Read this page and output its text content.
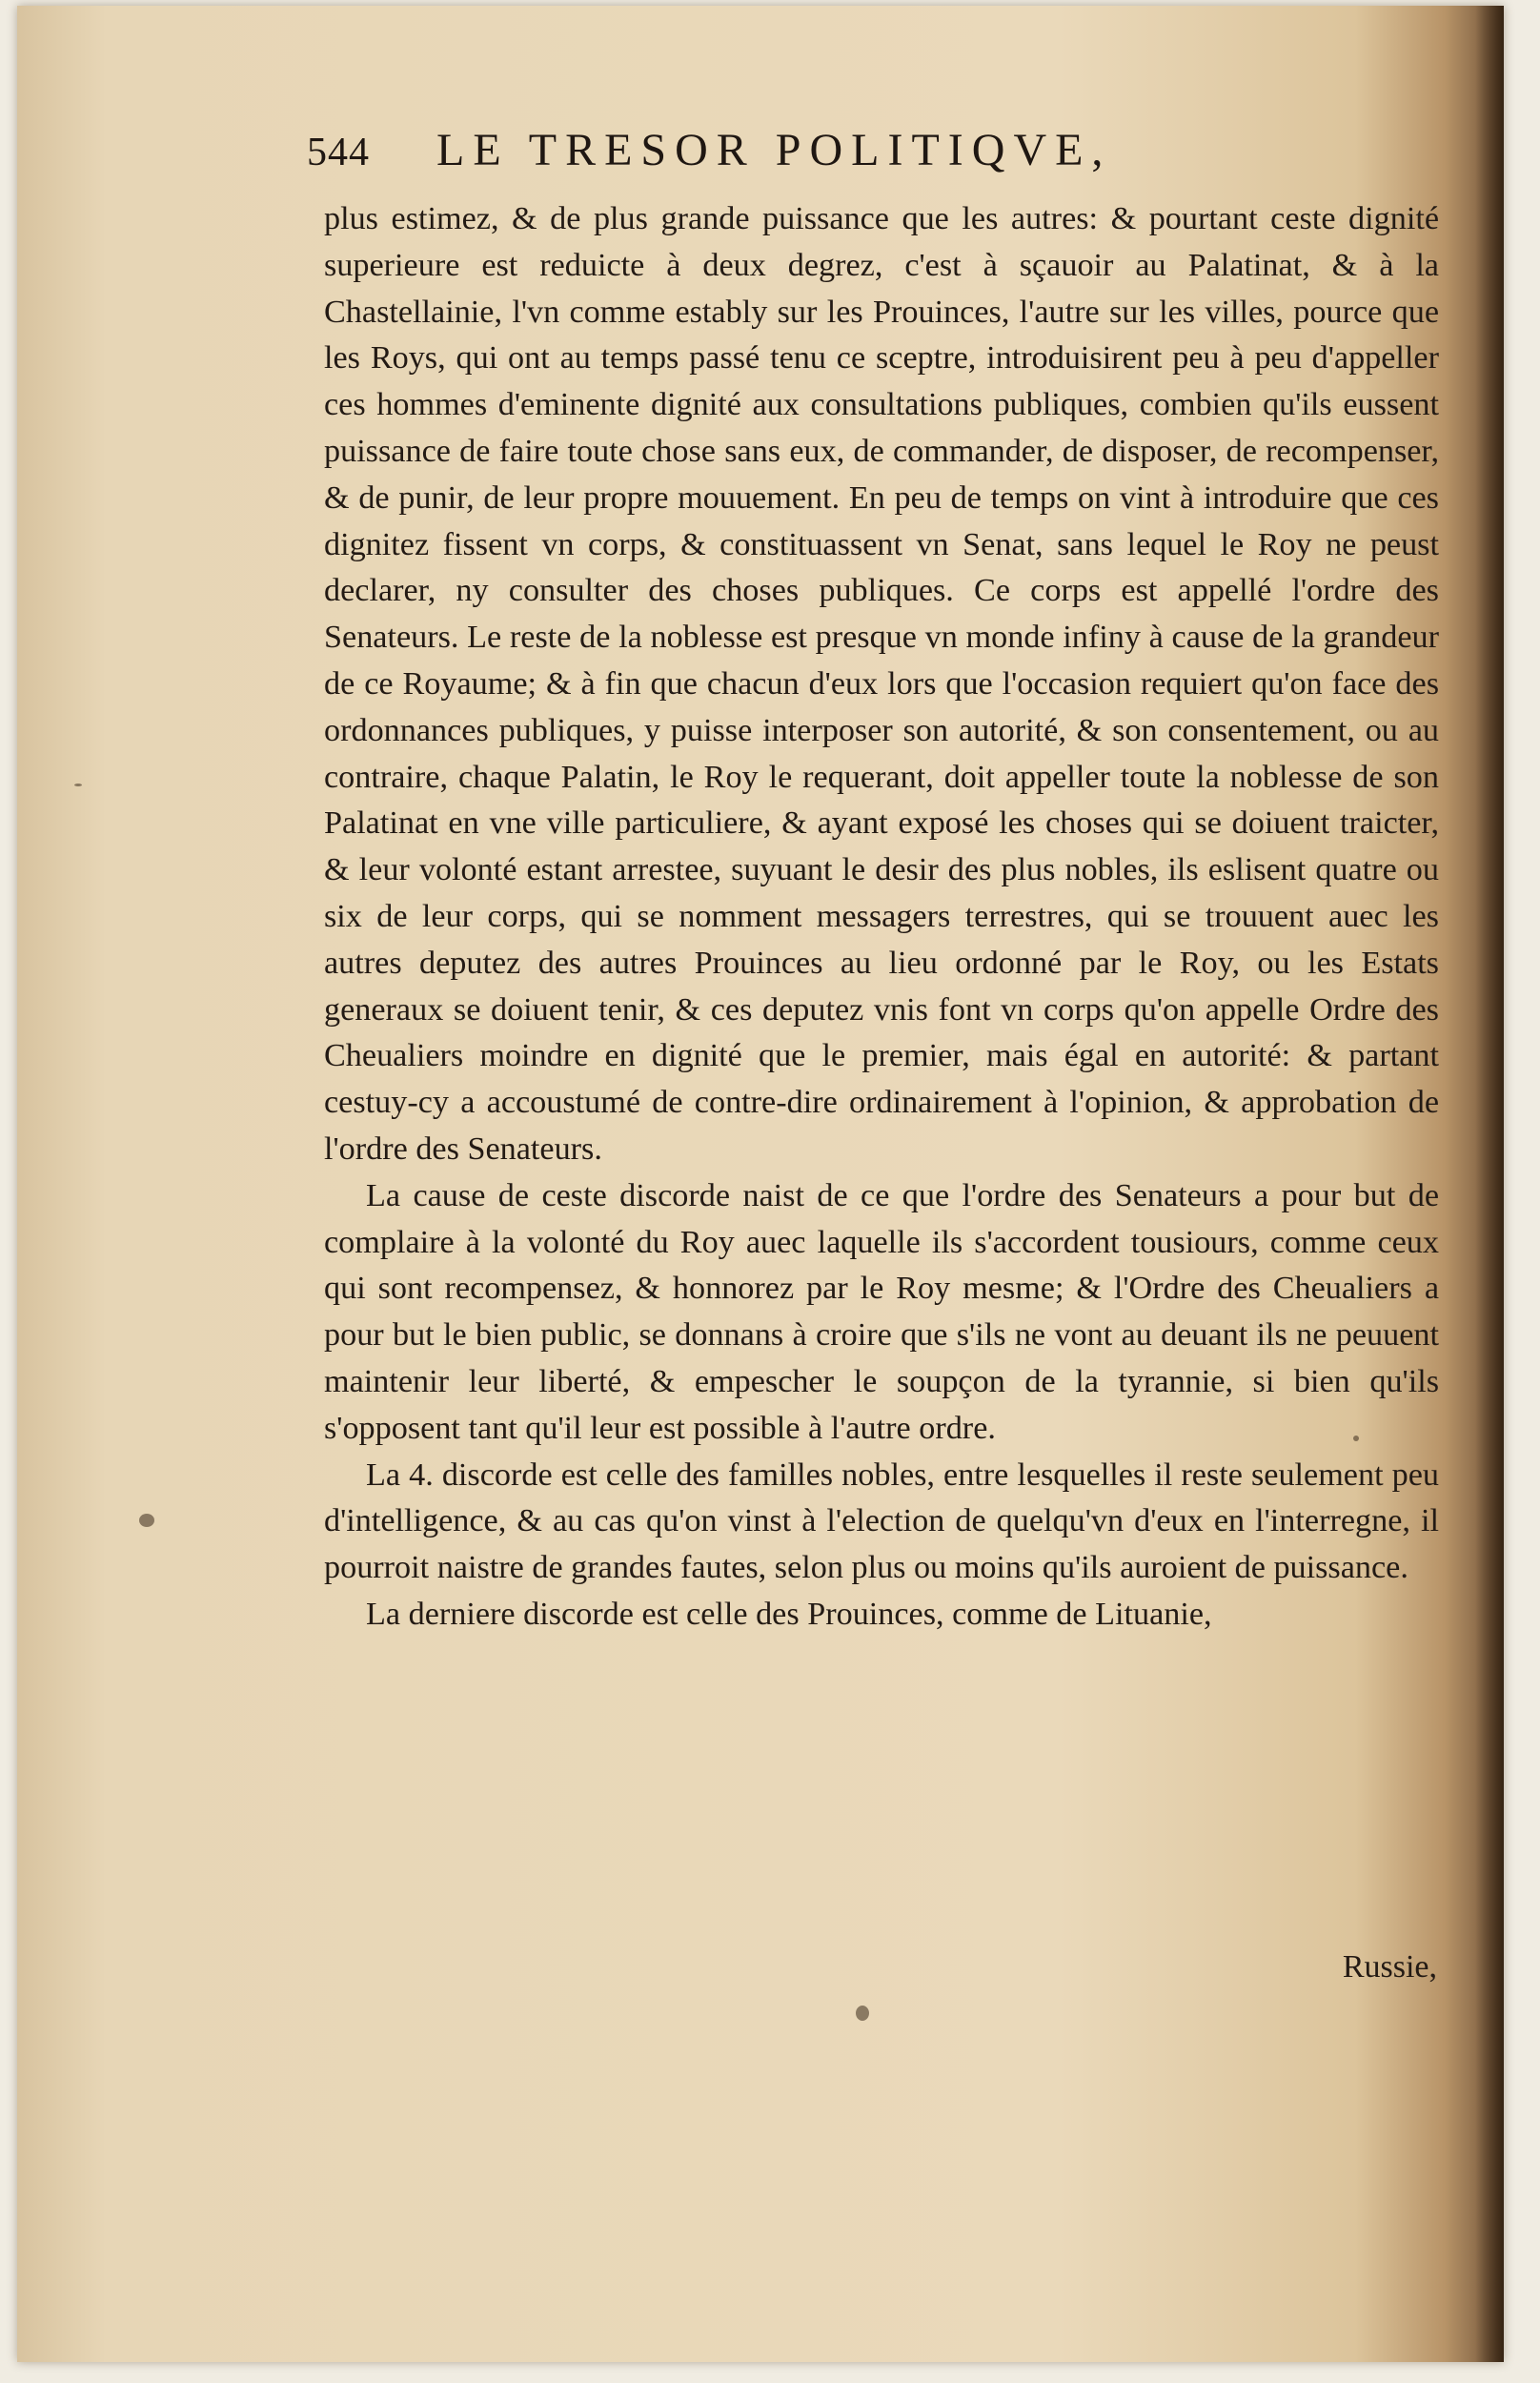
544 LE TRESOR POLITIQVE,

plus estimez, & de plus grande puissance que les autres: & pourtant ceste dignité superieure est reduicte à deux degrez, c'est à sçauoir au Palatinat, & à la Chastellainie, l'vn comme estably sur les Prouinces, l'autre sur les villes, pource que les Roys, qui ont au temps passé tenu ce sceptre, introduisirent peu à peu d'appeller ces hommes d'eminente dignité aux consultations publiques, combien qu'ils eussent puissance de faire toute chose sans eux, de commander, de disposer, de recompenser, & de punir, de leur propre mouuement. En peu de temps on vint à introduire que ces dignitez fissent vn corps, & constituassent vn Senat, sans lequel le Roy ne peust declarer, ny consulter des choses publiques. Ce corps est appellé l'ordre des Senateurs. Le reste de la noblesse est presque vn monde infiny à cause de la grandeur de ce Royaume; & à fin que chacun d'eux lors que l'occasion requiert qu'on face des ordonnances publiques, y puisse interposer son autorité, & son consentement, ou au contraire, chaque Palatin, le Roy le requerant, doit appeller toute la noblesse de son Palatinat en vne ville particuliere, & ayant exposé les choses qui se doiuent traicter, & leur volonté estant arrestee, suyuant le desir des plus nobles, ils eslisent quatre ou six de leur corps, qui se nomment messagers terrestres, qui se trouuent auec les autres deputez des autres Prouinces au lieu ordonné par le Roy, ou les Estats generaux se doiuent tenir, & ces deputez vnis font vn corps qu'on appelle Ordre des Cheualiers moindre en dignité que le premier, mais égal en autorité: & partant cestuy-cy a accoustumé de contre-dire ordinairement à l'opinion, & approbation de l'ordre des Senateurs.

La cause de ceste discorde naist de ce que l'ordre des Senateurs a pour but de complaire à la volonté du Roy auec laquelle ils s'accordent tousiours, comme ceux qui sont recompensez, & honnorez par le Roy mesme; & l'Ordre des Cheualiers a pour but le bien public, se donnans à croire que s'ils ne vont au deuant ils ne peuuent maintenir leur liberté, & empescher le soupçon de la tyrannie, si bien qu'ils s'opposent tant qu'il leur est possible à l'autre ordre.

La 4. discorde est celle des familles nobles, entre lesquelles il reste seulement peu d'intelligence, & au cas qu'on vinst à l'election de quelqu'vn d'eux en l'interregne, il pourroit naistre de grandes fautes, selon plus ou moins qu'ils auroient de puissance.

La derniere discorde est celle des Prouinces, comme de Lituanie,

Russie,
